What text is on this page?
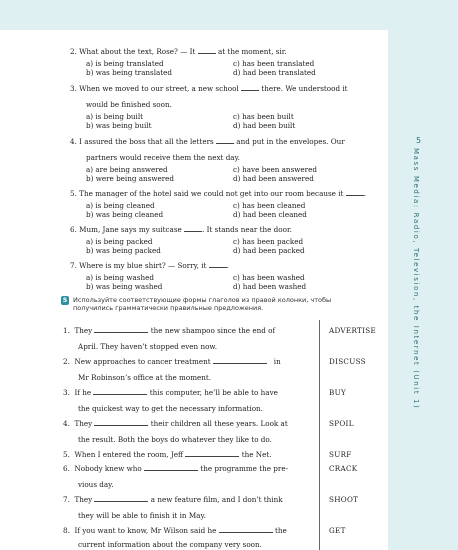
5
Mass Media: Radio, Television, the Internet (Unit 1)
2. What about the text, Rose? — It	at the moment, sir.
a) is being translated
b) was being translated
c) has been translated
d) had been translated
3. When we moved to our street, a new school	there. We understood it
would be finished soon.
a) is being built
b) was being built
c) has been built
d) had been built
4. I assured the boss that all the letters	and put in the envelopes. Our
partners would receive them the next day.
a) are being answered
b) were being answered
c) have been answered
d) had been answered
5. The manager of the hotel said we could not get into our room because it	.
a) is being cleaned
b) was being cleaned
c) has been cleaned
d) had been cleaned
6. Mum, Jane says my suitcase	. It stands near the door.
a) is being packed
b) was being packed
c) has been packed
d) had been packed
7. Where is my blue shirt? — Sorry, it	.
a) is being washed
b) was being washed
c) has been washed
d) had been washed
5 Используйте соответствующие формы глаголов из правой колонки, чтобы получились грамматически правильные предложения.
1. They	the new shampoo since the end of
April. They haven’t stopped even now.
ADVERTISE
2. New approaches to cancer treatment	in
Mr Robinson’s office at the moment.
DISCUSS
3. If he	this computer, he’ll be able to have
the quickest way to get the necessary information.
BUY
4. They	their children all these years. Look at
the result. Both the boys do whatever they like to do.
SPOIL
5. When I entered the room, Jeff	the Net.	SURF
6. Nobody knew who	the programme the pre-
vious day.
CRACK
7. They	a new feature film, and I don’t think
they will be able to finish it in May.
SHOOT
8. If you want to know, Mr Wilson said he	the
current information about the company very soon.
GET
